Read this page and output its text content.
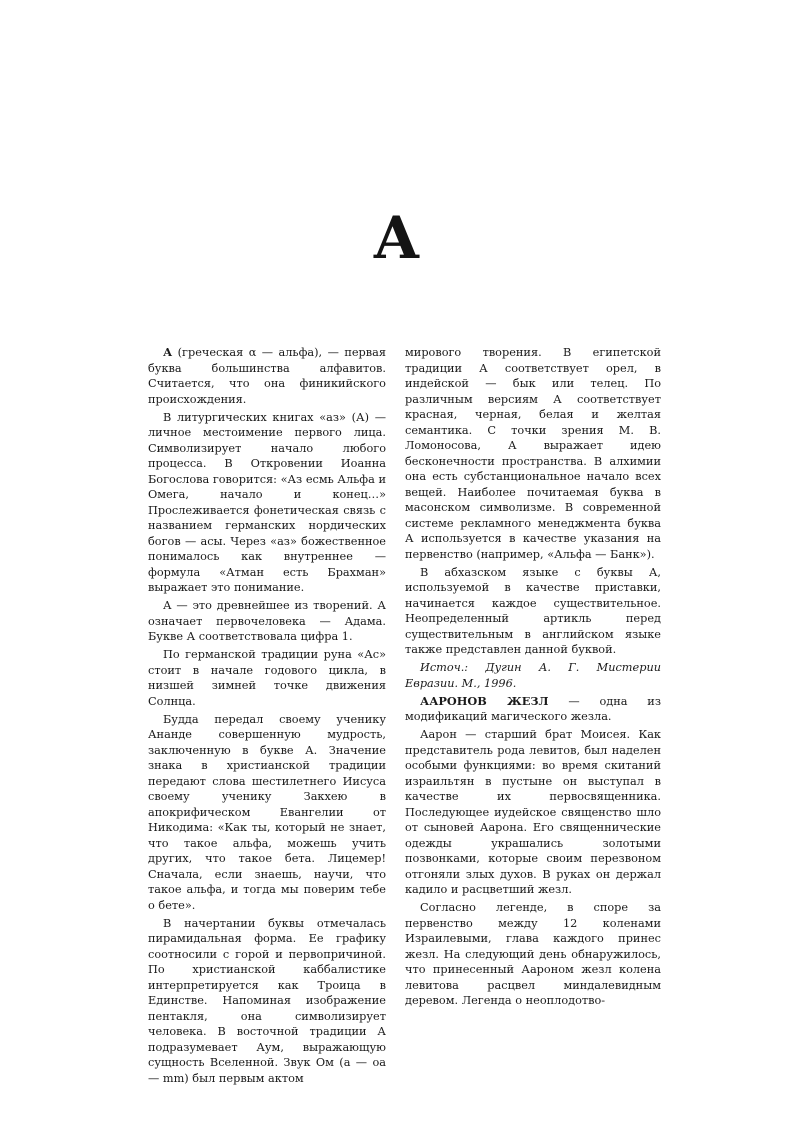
А

А (греческая α — альфа), — первая буква большинства алфавитов. Считается, что она финикийского происхождения.

В литургических книгах «аз» (А) — личное местоимение первого лица. Символизирует начало любого процесса. В Откровении Иоанна Богослова говорится: «Аз есмь Альфа и Омега, начало и конец…» Прослеживается фонетическая связь с названием германских нордических богов — асы. Через «аз» божественное понималось как внутреннее — формула «Атман есть Брахман» выражает это понимание.

А — это древнейшее из творений. А означает первочеловека — Адама. Букве А соответствовала цифра 1.

По германской традиции руна «Ас» стоит в начале годового цикла, в низшей зимней точке движения Солнца.

Будда передал своему ученику Ананде совершенную мудрость, заключенную в букве А. Значение знака в христианской традиции передают слова шестилетнего Иисуса своему ученику Закхею в апокрифическом Евангелии от Никодима: «Как ты, который не знает, что такое альфа, можешь учить других, что такое бета. Лицемер! Сначала, если знаешь, научи, что такое альфа, и тогда мы поверим тебе о бете».

В начертании буквы отмечалась пирамидальная форма. Ее графику соотносили с горой и первопричиной. По христианской каббалистике интерпретируется как Троица в Единстве. Напоминая изображение пентакля, она символизирует человека. В восточной традиции А подразумевает Аум, выражающую сущность Вселенной. Звук Ом (а — оа — mm) был первым актом

мирового творения. В египетской традиции А соответствует орел, в индейской — бык или телец. По различным версиям А соответствует красная, черная, белая и желтая семантика. С точки зрения М. В. Ломоносова, А выражает идею бесконечности пространства. В алхимии она есть субстанциональное начало всех вещей. Наиболее почитаемая буква в масонском символизме. В современной системе рекламного менеджмента буква А используется в качестве указания на первенство (например, «Альфа — Банк»).

В абхазском языке с буквы А, используемой в качестве приставки, начинается каждое существительное. Неопределенный артикль перед существительным в английском языке также представлен данной буквой.

Источ.: Дугин А. Г. Мистерии Евразии. М., 1996.

ААРОНОВ ЖЕЗЛ — одна из модификаций магического жезла.

Аарон — старший брат Моисея. Как представитель рода левитов, был наделен особыми функциями: во время скитаний израильтян в пустыне он выступал в качестве их первосвященника. Последующее иудейское священство шло от сыновей Аарона. Его священнические одежды украшались золотыми позвонками, которые своим перезвоном отгоняли злых духов. В руках он держал кадило и расцветший жезл.

Согласно легенде, в споре за первенство между 12 коленами Израилевыми, глава каждого принес жезл. На следующий день обнаружилось, что принесенный Аароном жезл колена левитова расцвел миндалевидным деревом. Легенда о неоплодотво-
